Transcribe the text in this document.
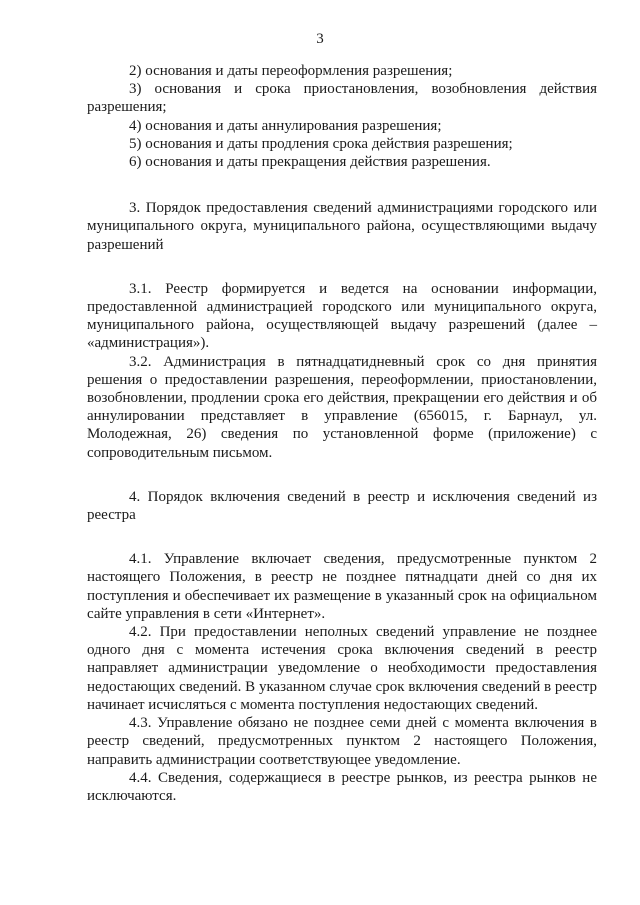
3

2) основания и даты переоформления разрешения;

3) основания и срока приостановления, возобновления действия разрешения;

4) основания и даты аннулирования разрешения;

5) основания и даты продления срока действия разрешения;

6) основания и даты прекращения действия разрешения.

3. Порядок предоставления сведений администрациями городского или муниципального округа, муниципального района, осуществляющими выдачу разрешений

3.1. Реестр формируется и ведется на основании информации, предоставленной администрацией городского или муниципального округа, муниципального района, осуществляющей выдачу разрешений (далее – «администрация»).

3.2. Администрация в пятнадцатидневный срок со дня принятия решения о предоставлении разрешения, переоформлении, приостановлении, возобновлении, продлении срока его действия, прекращении его действия и об аннулировании представляет в управление (656015, г. Барнаул, ул. Молодежная, 26) сведения по установленной форме (приложение) с сопроводительным письмом.

4. Порядок включения сведений в реестр и исключения сведений из реестра

4.1. Управление включает сведения, предусмотренные пунктом 2 настоящего Положения, в реестр не позднее пятнадцати дней со дня их поступления и обеспечивает их размещение в указанный срок на официальном сайте управления в сети «Интернет».

4.2. При предоставлении неполных сведений управление не позднее одного дня с момента истечения срока включения сведений в реестр направляет администрации уведомление о необходимости предоставления недостающих сведений. В указанном случае срок включения сведений в реестр начинает исчисляться с момента поступления недостающих сведений.

4.3. Управление обязано не позднее семи дней с момента включения в реестр сведений, предусмотренных пунктом 2 настоящего Положения, направить администрации соответствующее уведомление.

4.4. Сведения, содержащиеся в реестре рынков, из реестра рынков не исключаются.
